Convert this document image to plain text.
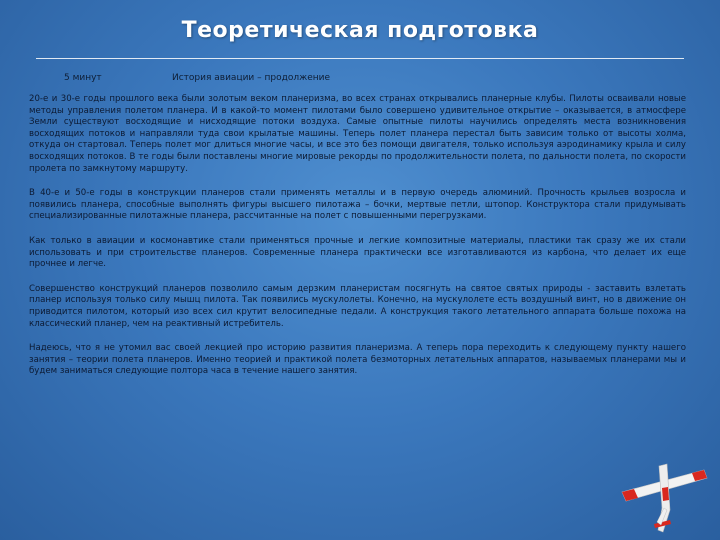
Теоретическая подготовка
5 минут	История авиации – продолжение

20-е и 30-е годы прошлого века были золотым веком планеризма, во всех странах открывались планерные клубы. Пилоты осваивали новые методы управления полетом планера. И в какой-то момент пилотами было совершено удивительное открытие – оказывается, в атмосфере Земли существуют восходящие и нисходящие потоки воздуха. Самые опытные пилоты научились определять места возникновения восходящих потоков и направляли туда свои крылатые машины. Теперь полет планера перестал быть зависим только от высоты холма, откуда он стартовал. Теперь полет мог длиться многие часы, и все это без помощи двигателя, только используя аэродинамику крыла и силу восходящих потоков. В те годы были поставлены многие мировые рекорды по продолжительности полета, по дальности полета, по скорости пролета по замкнутому маршруту.

В 40-е и 50-е годы в конструкции планеров стали применять металлы и в первую очередь алюминий. Прочность крыльев возросла и появились планера, способные выполнять фигуры высшего пилотажа – бочки, мертвые петли, штопор. Конструктора стали придумывать специализированные пилотажные планера, рассчитанные на полет с повышенными перегрузками.

Как только в авиации и космонавтике стали применяться прочные и легкие композитные материалы, пластики так сразу же их стали использовать и при строительстве планеров. Современные планера практически все изготавливаются из карбона, что делает их еще прочнее и легче.

Совершенство конструкций планеров позволило самым дерзким планеристам посягнуть на святое святых природы - заставить взлетать планер используя только силу мышц пилота. Так появились мускулолеты. Конечно, на мускулолете есть воздушный винт, но в движение он приводится пилотом, который изо всех сил крутит велосипедные педали. А конструкция такого летательного аппарата больше похожа на классический планер, чем на реактивный истребитель.

Надеюсь, что я не утомил вас своей лекцией про историю развития планеризма. А теперь пора переходить к следующему пункту нашего занятия – теории полета планеров. Именно теорией и практикой полета безмоторных летательных аппаратов, называемых планерами мы и будем заниматься следующие полтора часа в течение нашего занятия.
